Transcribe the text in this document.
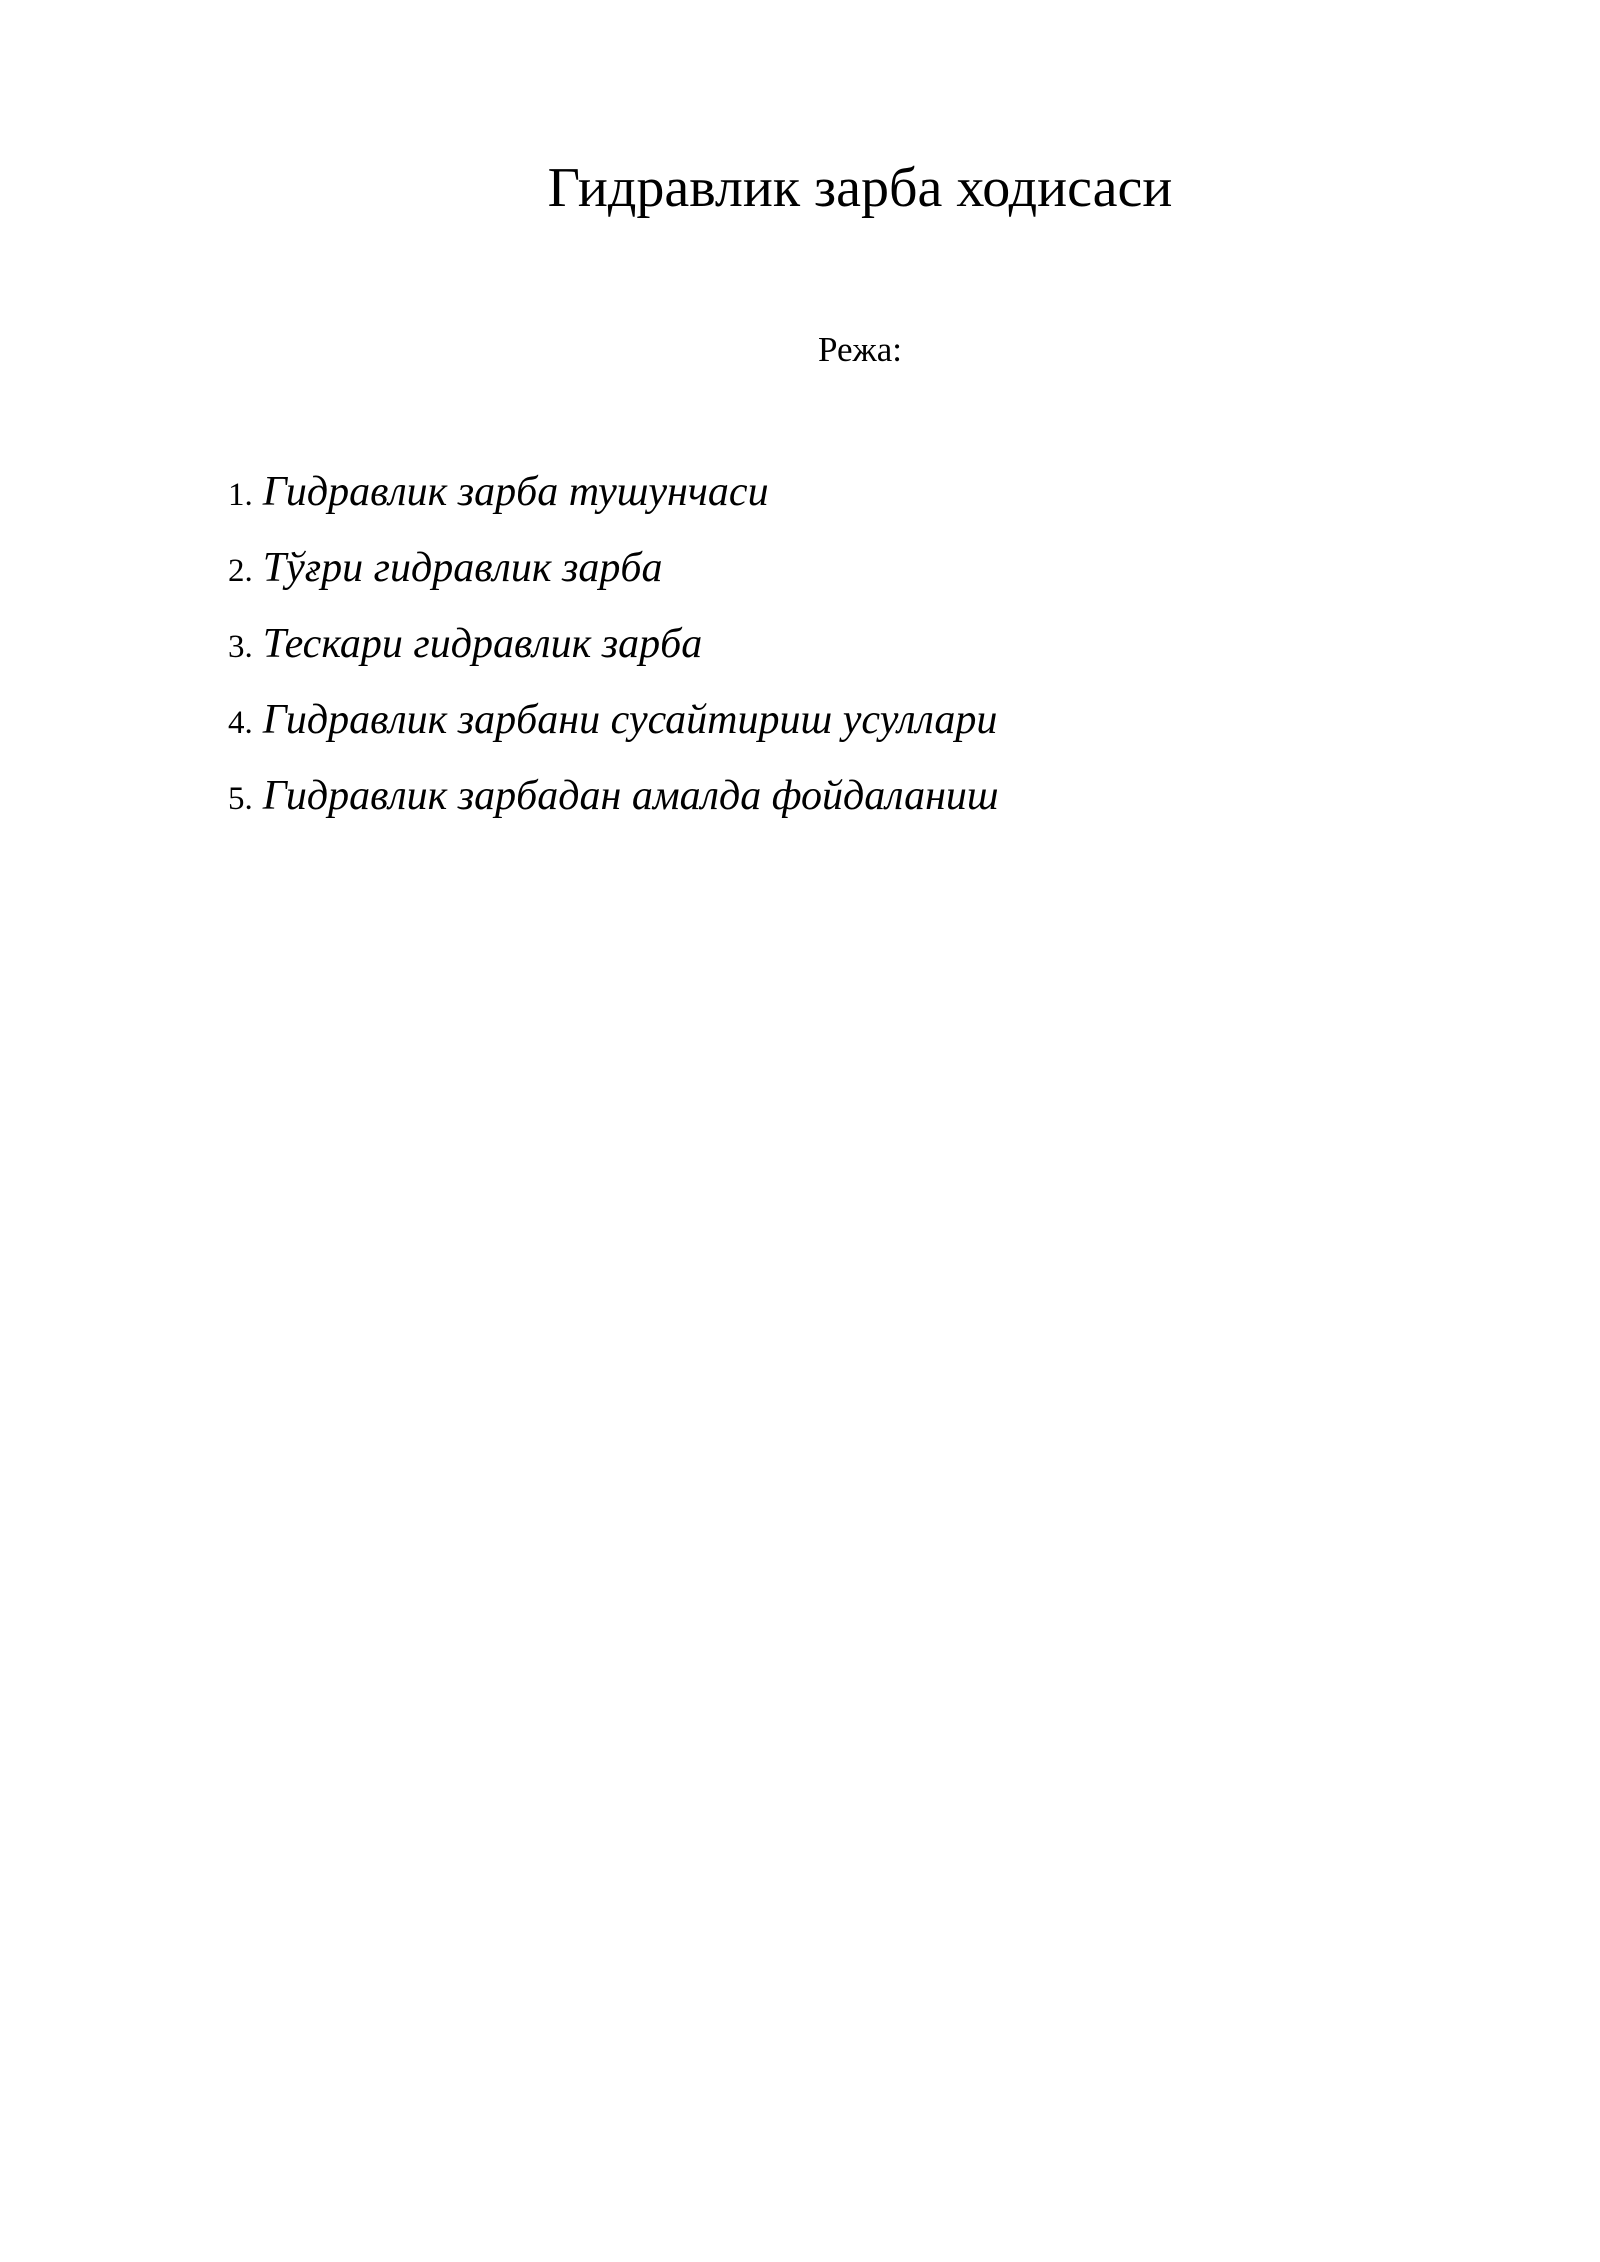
Гидравлик зарба ходисаси

Режа:

1. Гидравлик зарба тушунчаси
2. Тўғри гидравлик зарба
3. Тескари гидравлик зарба
4. Гидравлик зарбани сусайтириш усуллари
5. Гидравлик зарбадан амалда фойдаланиш
